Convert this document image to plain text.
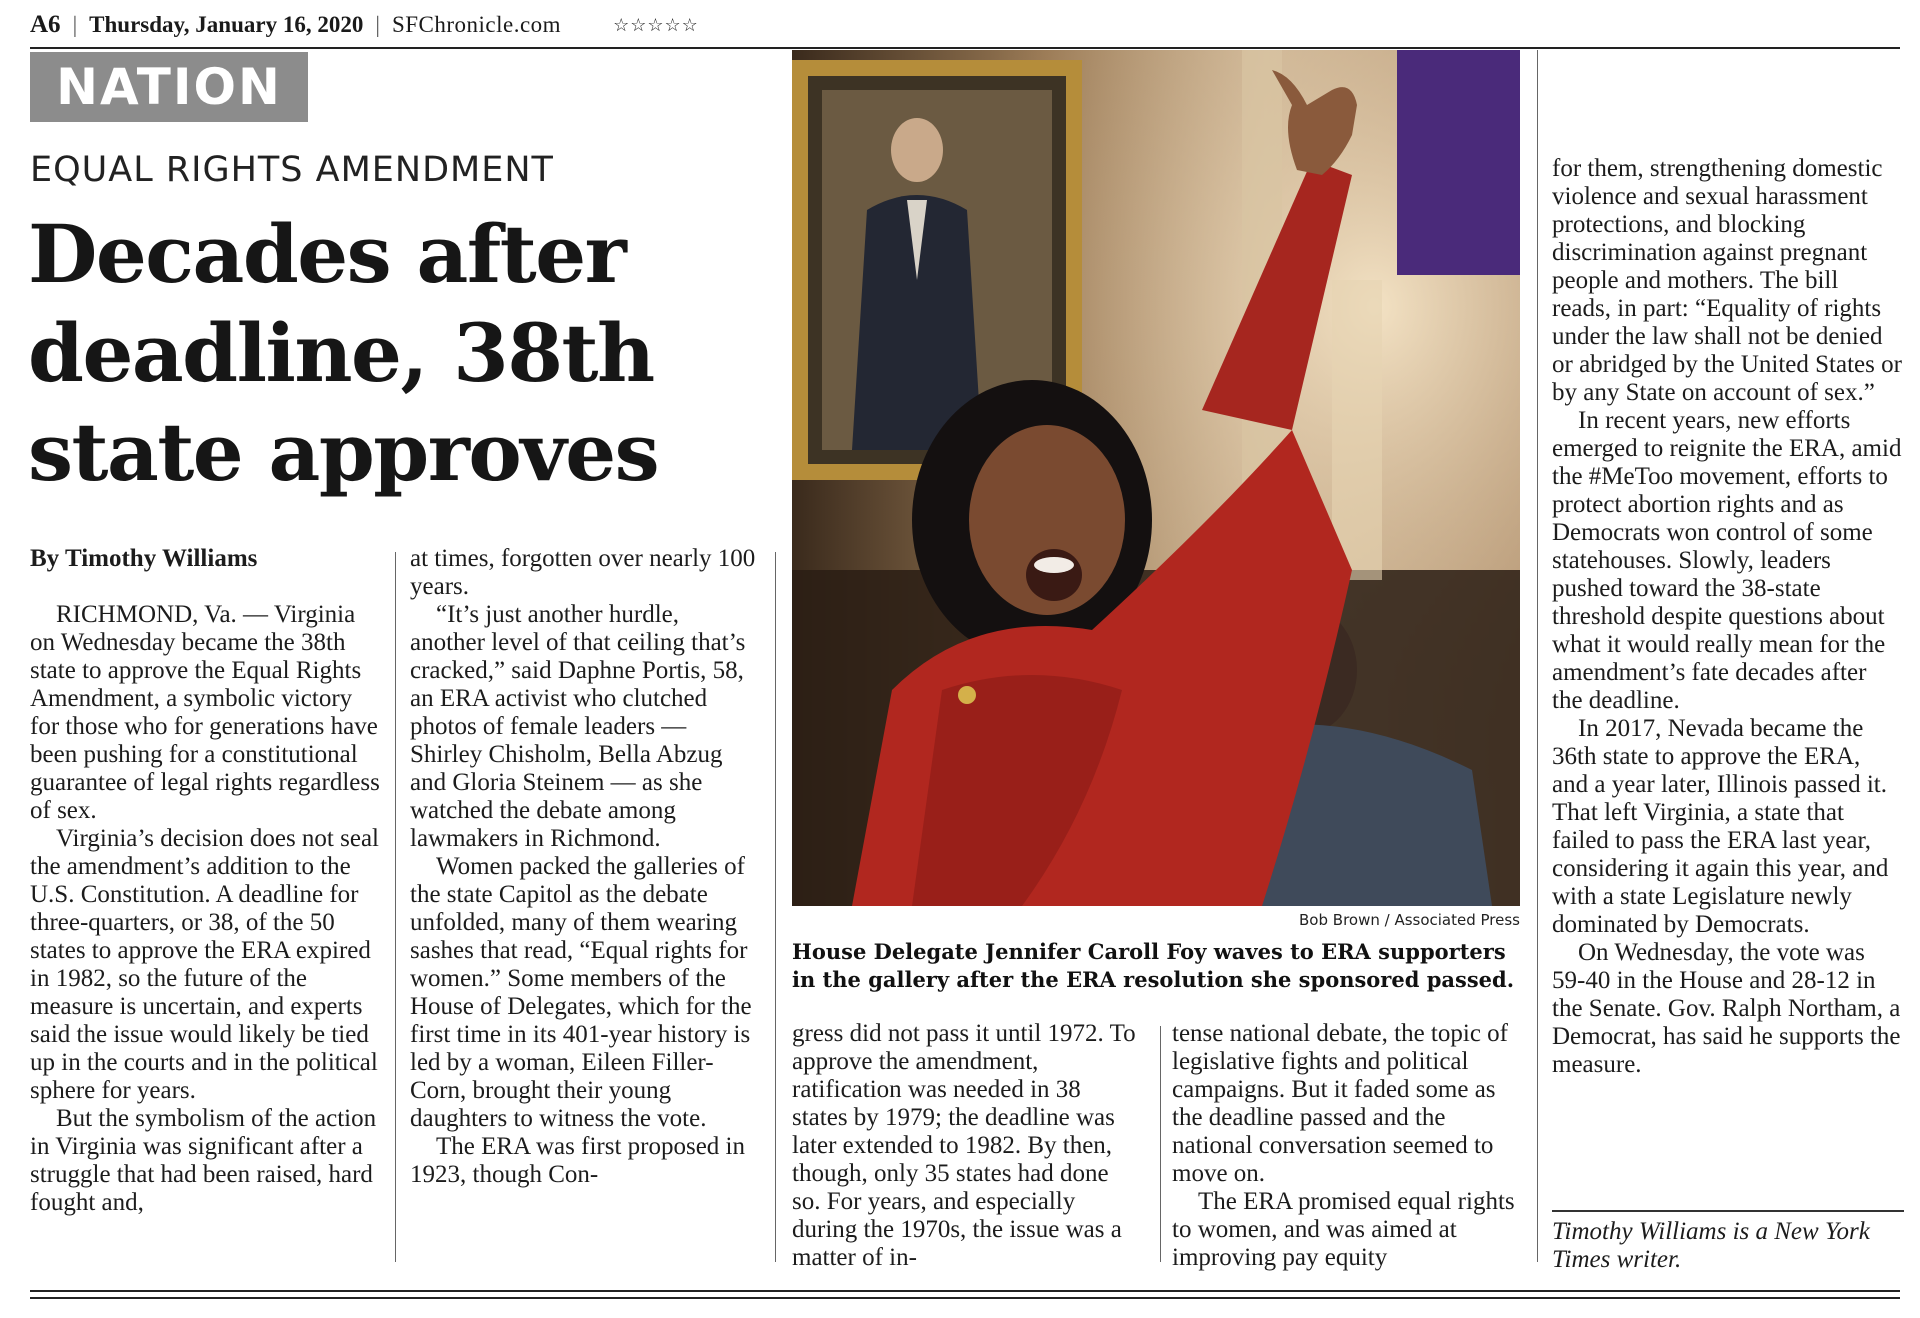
A6 | Thursday, January 16, 2020 | SFChronicle.com	☆☆☆☆☆
NATION
EQUAL RIGHTS AMENDMENT
Decades after deadline, 38th state approves

By Timothy Williams

RICHMOND, Va. — Virginia on Wednesday became the 38th state to approve the Equal Rights Amendment, a symbolic victory for those who for generations have been pushing for a constitutional guarantee of legal rights regardless of sex.

Virginia’s decision does not seal the amendment’s addition to the U.S. Constitution. A deadline for three-quarters, or 38, of the 50 states to approve the ERA expired in 1982, so the future of the measure is uncertain, and experts said the issue would likely be tied up in the courts and in the political sphere for years.

But the symbolism of the action in Virginia was significant after a struggle that had been raised, hard fought and,

at times, forgotten over nearly 100 years.

“It’s just another hurdle, another level of that ceiling that’s cracked,” said Daphne Portis, 58, an ERA activist who clutched photos of female leaders — Shirley Chisholm, Bella Abzug and Gloria Steinem — as she watched the debate among lawmakers in Richmond.

Women packed the galleries of the state Capitol as the debate unfolded, many of them wearing sashes that read, “Equal rights for women.” Some members of the House of Delegates, which for the first time in its 401-year history is led by a woman, Eileen Filler-Corn, brought their young daughters to witness the vote.

The ERA was first proposed in 1923, though Con-

Bob Brown / Associated Press
House Delegate Jennifer Caroll Foy waves to ERA supporters in the gallery after the ERA resolution she sponsored passed.

gress did not pass it until 1972. To approve the amendment, ratification was needed in 38 states by 1979; the deadline was later extended to 1982. By then, though, only 35 states had done so. For years, and especially during the 1970s, the issue was a matter of in-

tense national debate, the topic of legislative fights and political campaigns. But it faded some as the deadline passed and the national conversation seemed to move on.

The ERA promised equal rights to women, and was aimed at improving pay equity

for them, strengthening domestic violence and sexual harassment protections, and blocking discrimination against pregnant people and mothers. The bill reads, in part: “Equality of rights under the law shall not be denied or abridged by the United States or by any State on account of sex.”

In recent years, new efforts emerged to reignite the ERA, amid the #MeToo movement, efforts to protect abortion rights and as Democrats won control of some statehouses. Slowly, leaders pushed toward the 38-state threshold despite questions about what it would really mean for the amendment’s fate decades after the deadline.

In 2017, Nevada became the 36th state to approve the ERA, and a year later, Illinois passed it. That left Virginia, a state that failed to pass the ERA last year, considering it again this year, and with a state Legislature newly dominated by Democrats.

On Wednesday, the vote was 59-40 in the House and 28-12 in the Senate. Gov. Ralph Northam, a Democrat, has said he supports the measure.

Timothy Williams is a New York Times writer.
